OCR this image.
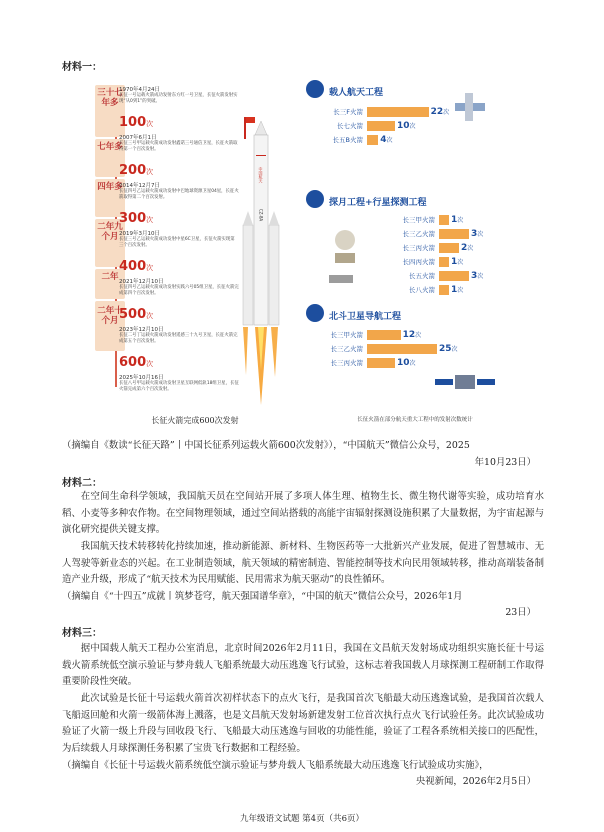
材料一：
三十七年多
七年多
四年多
二年九个月
二年
二年十个月
1970年4月24日
长征一号运载火箭成功发射东方红一号卫星，长征火箭发射实现“从0到1”的突破。
100次
2007年6月1日
长征三号甲运载火箭成功发射鑫诺三号通信卫星，长征火箭取得第一个百次发射。
200次
2014年12月7日
长征四号乙运载火箭成功发射中巴地球资源卫星04星，长征火箭取得第二个百次发射。
300次
2019年3月10日
长征三号乙运载火箭成功发射中星6C卫星，长征火箭实现第三个百次发射。
400次
2021年12月10日
长征四号乙运载火箭成功发射实践六号05组卫星，长征火箭完成第四个百次发射。
500次
2023年12月10日
长征二号丁运载火箭成功发射遥感三十九号卫星，长征火箭完成第五个百次发射。
600次
2025年10月16日
长征八号甲运载火箭成功发射卫星互联网低轨18组卫星，长征火箭完成第六个百次发射。
中国航天
CZ-8A
长征火箭完成600次发射
载人航天工程
长三F火箭	22次
长七火箭	10次
长五B火箭 4次
探月工程+行星探测工程
长三甲火箭 1次
长三乙火箭	3次
长三丙火箭	2次
长四丙火箭 1次
长五火箭	3次
长八火箭 1次
北斗卫星导航工程
长三甲火箭	12次
长三乙火箭	25次
长三丙火箭	10次
长征火箭在部分航天重大工程中的发射次数统计
（摘编自《数读“长征天路”丨中国长征系列运载火箭600次发射》），“中国航天”微信公众号，2025
年10月23日）
材料二：

在空间生命科学领域，我国航天员在空间站开展了多项人体生理、植物生长、微生物代谢等实验，成功培育水稻、小麦等多种农作物。在空间物理领域，通过空间站搭载的高能宇宙辐射探测设施积累了大量数据，为宇宙起源与演化研究提供关键支撑。

我国航天技术转移转化持续加速，推动新能源、新材料、生物医药等一大批新兴产业发展，促进了智慧城市、无人驾驶等新业态的兴起。在工业制造领域，航天领域的精密制造、智能控制等技术向民用领域转移，推动高端装备制造产业升级，形成了“航天技术为民用赋能、民用需求为航天驱动”的良性循环。

（摘编自《“十四五”成就丨筑梦苍穹，航天强国谱华章》，“中国的航天”微信公众号，2026年1月
23日）
材料三：

据中国载人航天工程办公室消息，北京时间2026年2月11日，我国在文昌航天发射场成功组织实施长征十号运载火箭系统低空演示验证与梦舟载人飞船系统最大动压逃逸飞行试验，这标志着我国载人月球探测工程研制工作取得重要阶段性突破。

此次试验是长征十号运载火箭首次初样状态下的点火飞行，是我国首次飞船最大动压逃逸试验，是我国首次载人飞船返回舱和火箭一级箭体海上溅落，也是文昌航天发射场新建发射工位首次执行点火飞行试验任务。此次试验成功验证了火箭一级上升段与回收段飞行、飞船最大动压逃逸与回收的功能性能，验证了工程各系统相关接口的匹配性，为后续载人月球探测任务积累了宝贵飞行数据和工程经验。

（摘编自《长征十号运载火箭系统低空演示验证与梦舟载人飞船系统最大动压逃逸飞行试验成功实施》，
央视新闻，2026年2月5日）
九年级语文试题 第4页（共6页）
